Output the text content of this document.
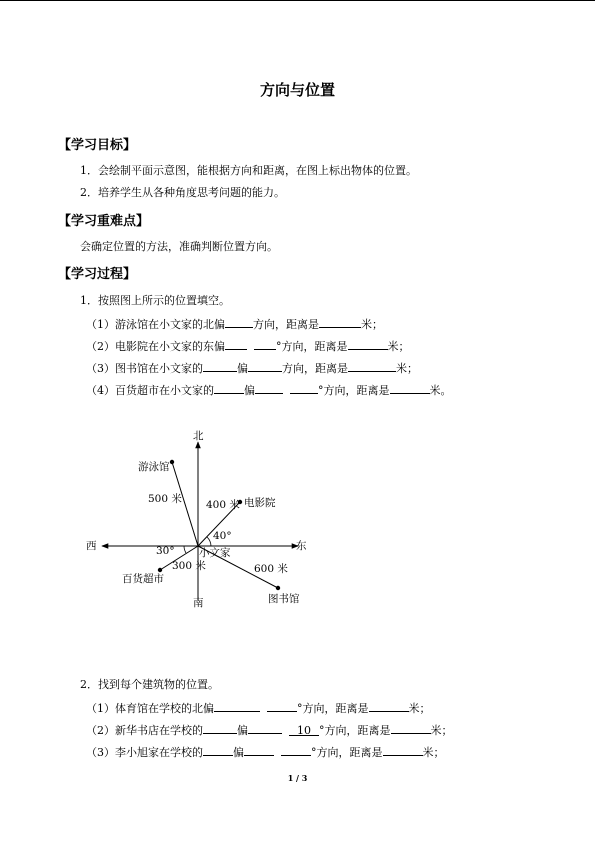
方向与位置
【学习目标】
1．会绘制平面示意图，能根据方向和距离，在图上标出物体的位置。
2．培养学生从各种角度思考问题的能力。
【学习重难点】
会确定位置的方法，准确判断位置方向。
【学习过程】
1．按照图上所示的位置填空。
（1）游泳馆在小文家的北偏	方向，距离是	米；
（2）电影院在小文家的东偏	°方向，距离是	米；
（3）图书馆在小文家的	偏	方向，距离是	米；
（4）百货超市在小文家的	偏	°方向，距离是	米。
北
南
东
西
小文家
游泳馆
500 米	电影院
400 米
40°
图书馆
600 米
百货超市
300 米
30°
2．找到每个建筑物的位置。
（1）体育馆在学校的北偏	°方向，距离是	米；
（2）新华书店在学校的	偏	10 °方向，距离是	米；
（3）李小旭家在学校的	偏	°方向，距离是	米；
1 / 3
